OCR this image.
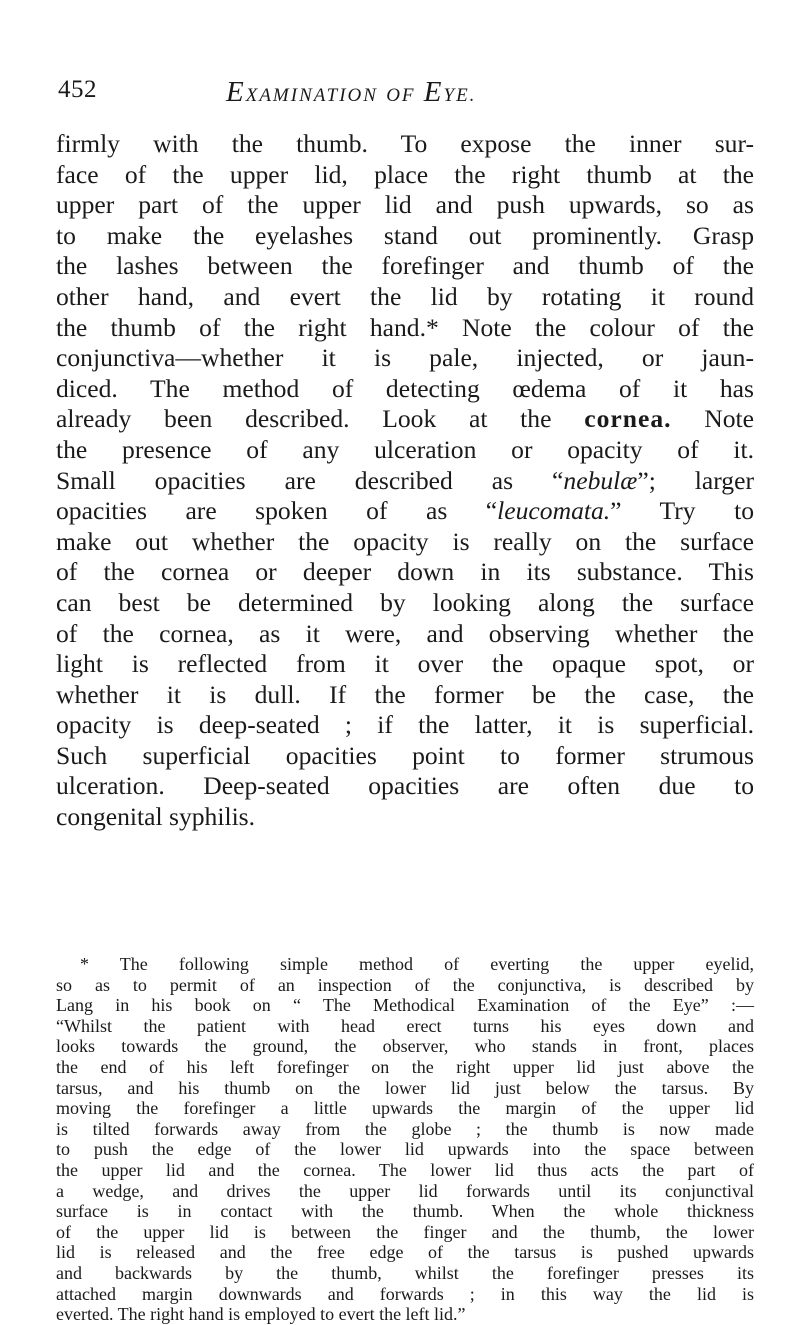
452	EXAMINATION OF EYE.
firmly with the thumb. To expose the inner sur-
face of the upper lid, place the right thumb at the
upper part of the upper lid and push upwards, so as
to make the eyelashes stand out prominently. Grasp
the lashes between the forefinger and thumb of the
other hand, and evert the lid by rotating it round
the thumb of the right hand.* Note the colour of the
conjunctiva—whether it is pale, injected, or jaun-
diced. The method of detecting œdema of it has
already been described. Look at the cornea. Note
the presence of any ulceration or opacity of it.
Small opacities are described as “nebulæ”; larger
opacities are spoken of as “leucomata.” Try to
make out whether the opacity is really on the surface
of the cornea or deeper down in its substance. This
can best be determined by looking along the surface
of the cornea, as it were, and observing whether the
light is reflected from it over the opaque spot, or
whether it is dull. If the former be the case, the
opacity is deep-seated ; if the latter, it is superficial.
Such superficial opacities point to former strumous
ulceration. Deep-seated opacities are often due to
congenital syphilis.
* The following simple method of everting the upper eyelid,
so as to permit of an inspection of the conjunctiva, is described by
Lang in his book on “ The Methodical Examination of the Eye” :—
“Whilst the patient with head erect turns his eyes down and
looks towards the ground, the observer, who stands in front, places
the end of his left forefinger on the right upper lid just above the
tarsus, and his thumb on the lower lid just below the tarsus. By
moving the forefinger a little upwards the margin of the upper lid
is tilted forwards away from the globe ; the thumb is now made
to push the edge of the lower lid upwards into the space between
the upper lid and the cornea. The lower lid thus acts the part of
a wedge, and drives the upper lid forwards until its conjunctival
surface is in contact with the thumb. When the whole thickness
of the upper lid is between the finger and the thumb, the lower
lid is released and the free edge of the tarsus is pushed upwards
and backwards by the thumb, whilst the forefinger presses its
attached margin downwards and forwards ; in this way the lid is
everted. The right hand is employed to evert the left lid.”
